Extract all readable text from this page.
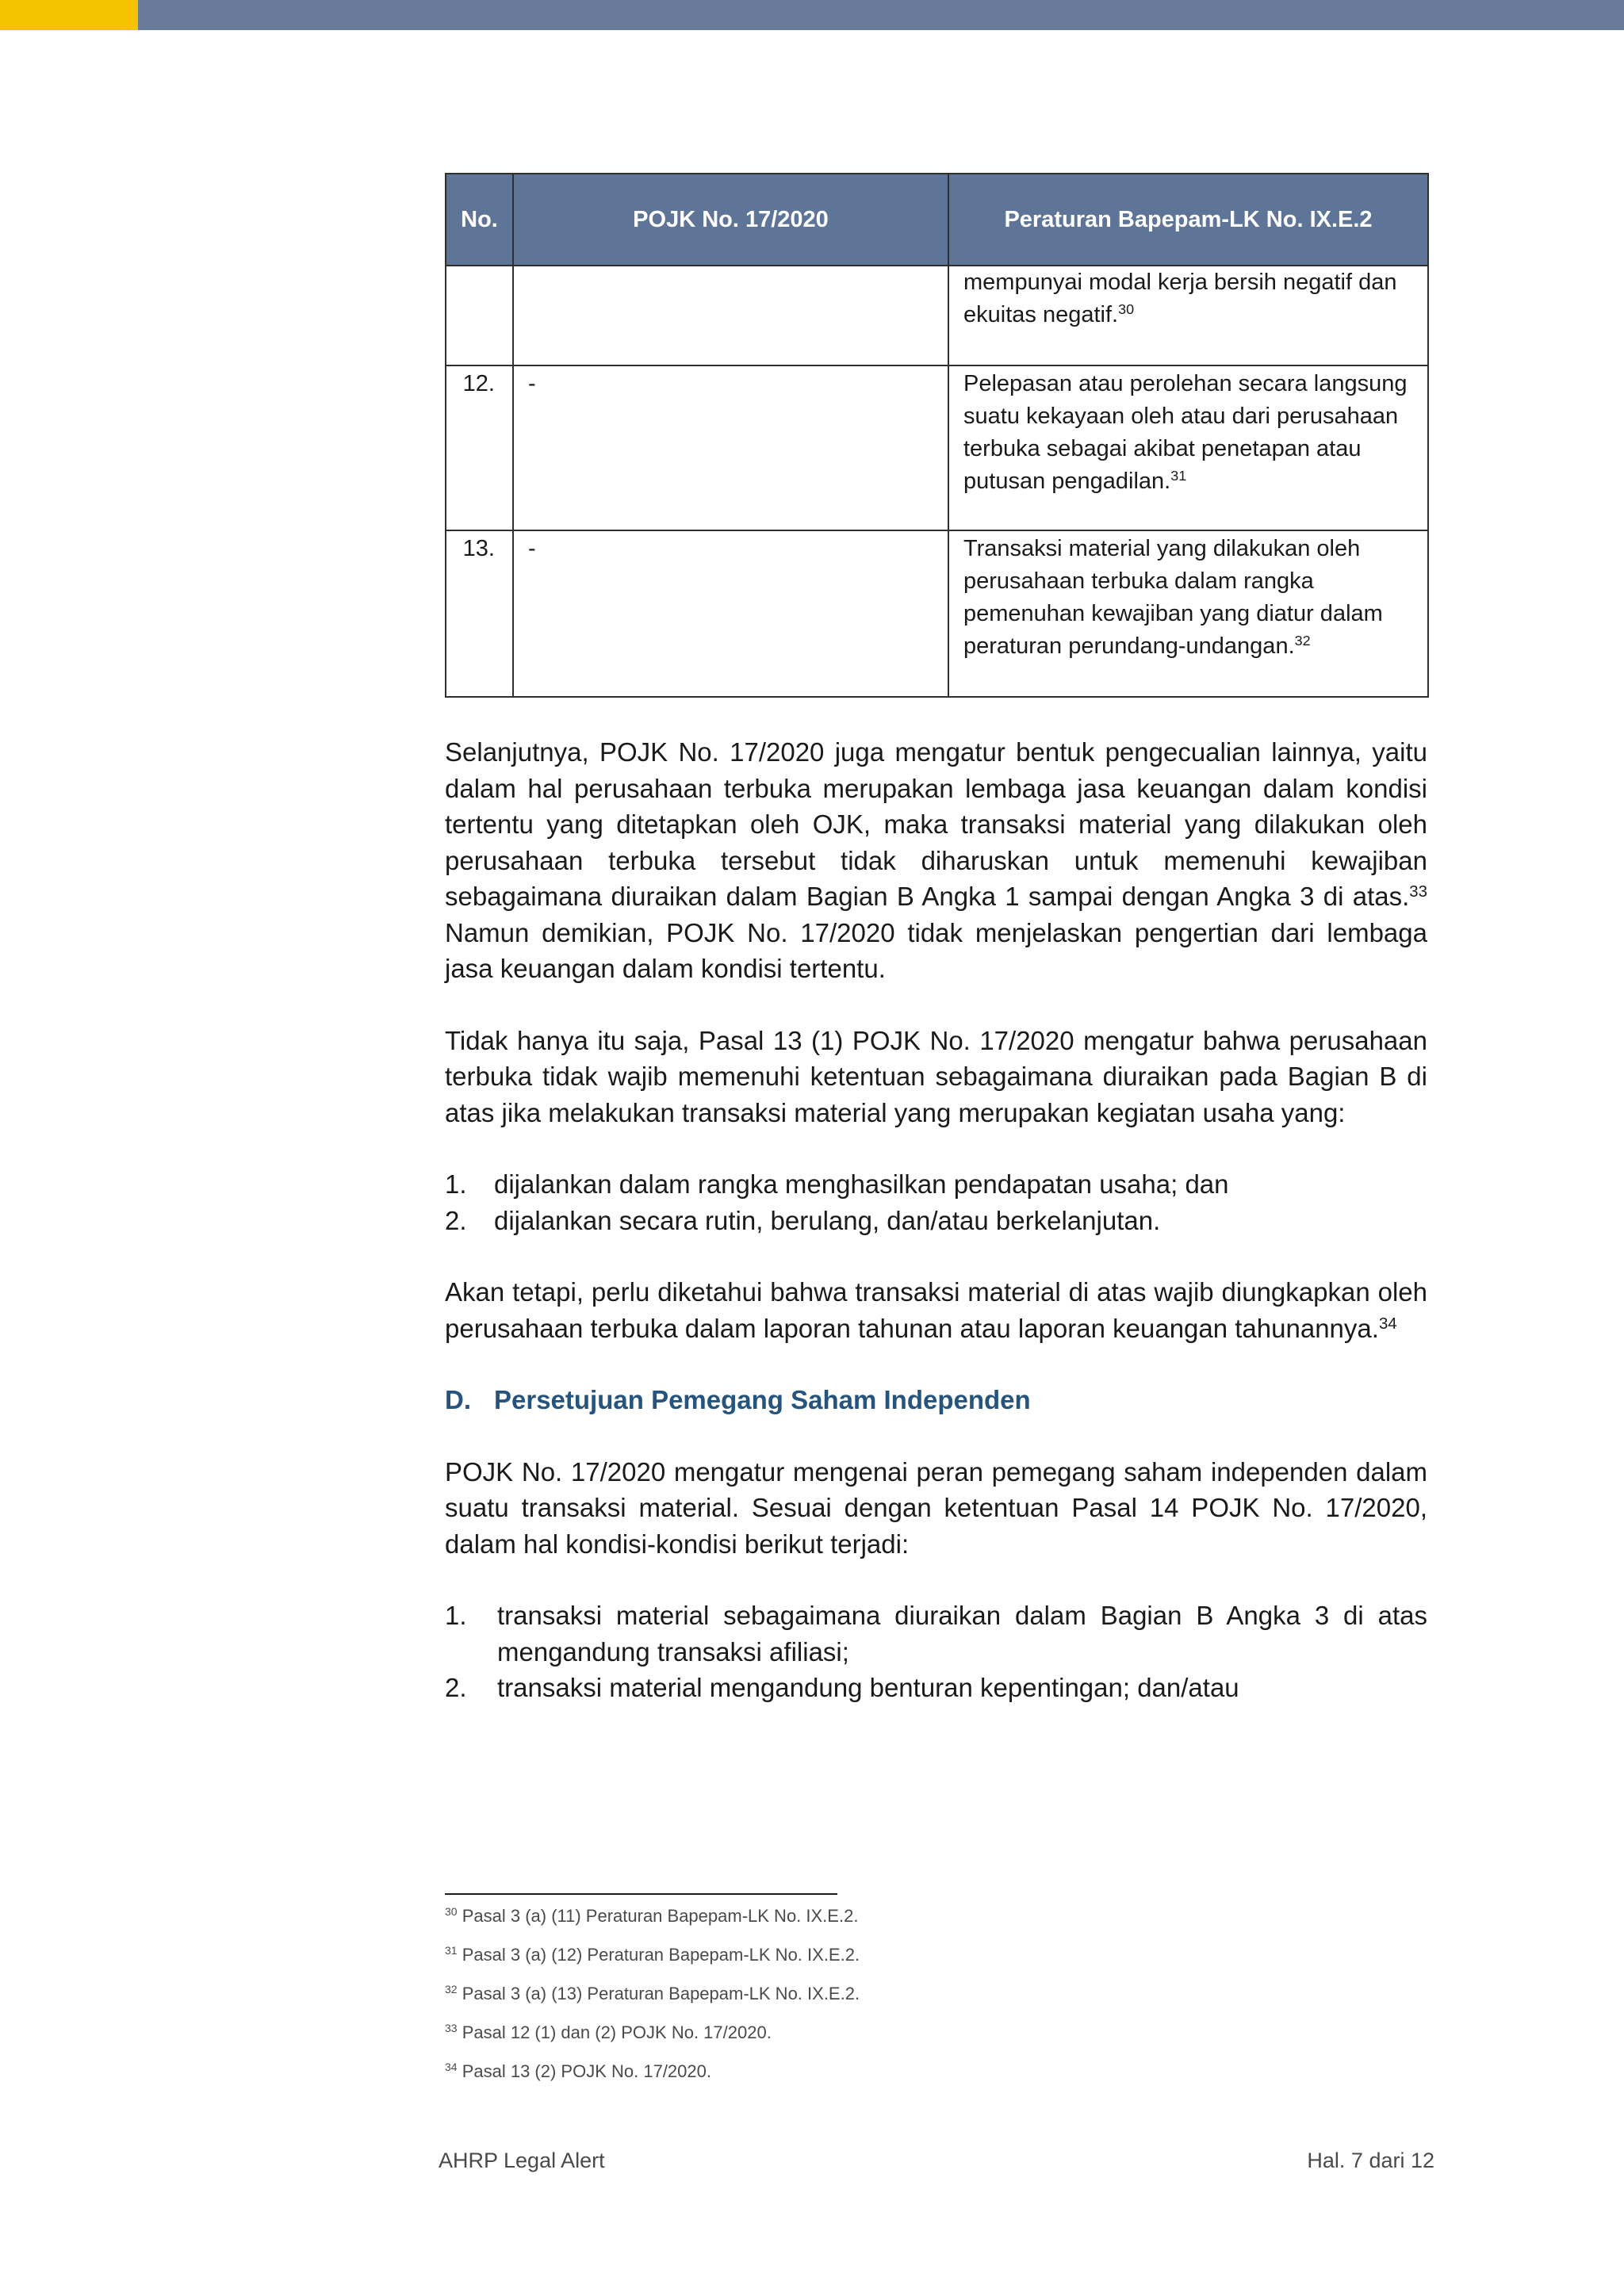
No.	POJK No. 17/2020	Peraturan Bapepam-LK No. IX.E.2
		mempunyai modal kerja bersih negatif dan ekuitas negatif.$^{30}$
12.	-	Pelepasan atau perolehan secara langsung suatu kekayaan oleh atau dari perusahaan terbuka sebagai akibat penetapan atau putusan pengadilan.$^{31}$
13.	-	Transaksi material yang dilakukan oleh perusahaan terbuka dalam rangka pemenuhan kewajiban yang diatur dalam peraturan perundang-undangan.$^{32}$

Selanjutnya, POJK No. 17/2020 juga mengatur bentuk pengecualian lainnya, yaitu dalam hal perusahaan terbuka merupakan lembaga jasa keuangan dalam kondisi tertentu yang ditetapkan oleh OJK, maka transaksi material yang dilakukan oleh perusahaan terbuka tersebut tidak diharuskan untuk memenuhi kewajiban sebagaimana diuraikan dalam Bagian B Angka 1 sampai dengan Angka 3 di atas.$^{33}$ Namun demikian, POJK No. 17/2020 tidak menjelaskan pengertian dari lembaga jasa keuangan dalam kondisi tertentu.

Tidak hanya itu saja, Pasal 13 (1) POJK No. 17/2020 mengatur bahwa perusahaan terbuka tidak wajib memenuhi ketentuan sebagaimana diuraikan pada Bagian B di atas jika melakukan transaksi material yang merupakan kegiatan usaha yang:

1. dijalankan dalam rangka menghasilkan pendapatan usaha; dan
2. dijalankan secara rutin, berulang, dan/atau berkelanjutan.

Akan tetapi, perlu diketahui bahwa transaksi material di atas wajib diungkapkan oleh perusahaan terbuka dalam laporan tahunan atau laporan keuangan tahunannya.$^{34}$

D. Persetujuan Pemegang Saham Independen

POJK No. 17/2020 mengatur mengenai peran pemegang saham independen dalam suatu transaksi material. Sesuai dengan ketentuan Pasal 14 POJK No. 17/2020, dalam hal kondisi-kondisi berikut terjadi:

1. transaksi material sebagaimana diuraikan dalam Bagian B Angka 3 di atas mengandung transaksi afiliasi;
2. transaksi material mengandung benturan kepentingan; dan/atau
$^{30}$ Pasal 3 (a) (11) Peraturan Bapepam-LK No. IX.E.2.
$^{31}$ Pasal 3 (a) (12) Peraturan Bapepam-LK No. IX.E.2.
$^{32}$ Pasal 3 (a) (13) Peraturan Bapepam-LK No. IX.E.2.
$^{33}$ Pasal 12 (1) dan (2) POJK No. 17/2020.
$^{34}$ Pasal 13 (2) POJK No. 17/2020.
AHRP Legal Alert	Hal. 7 dari 12
